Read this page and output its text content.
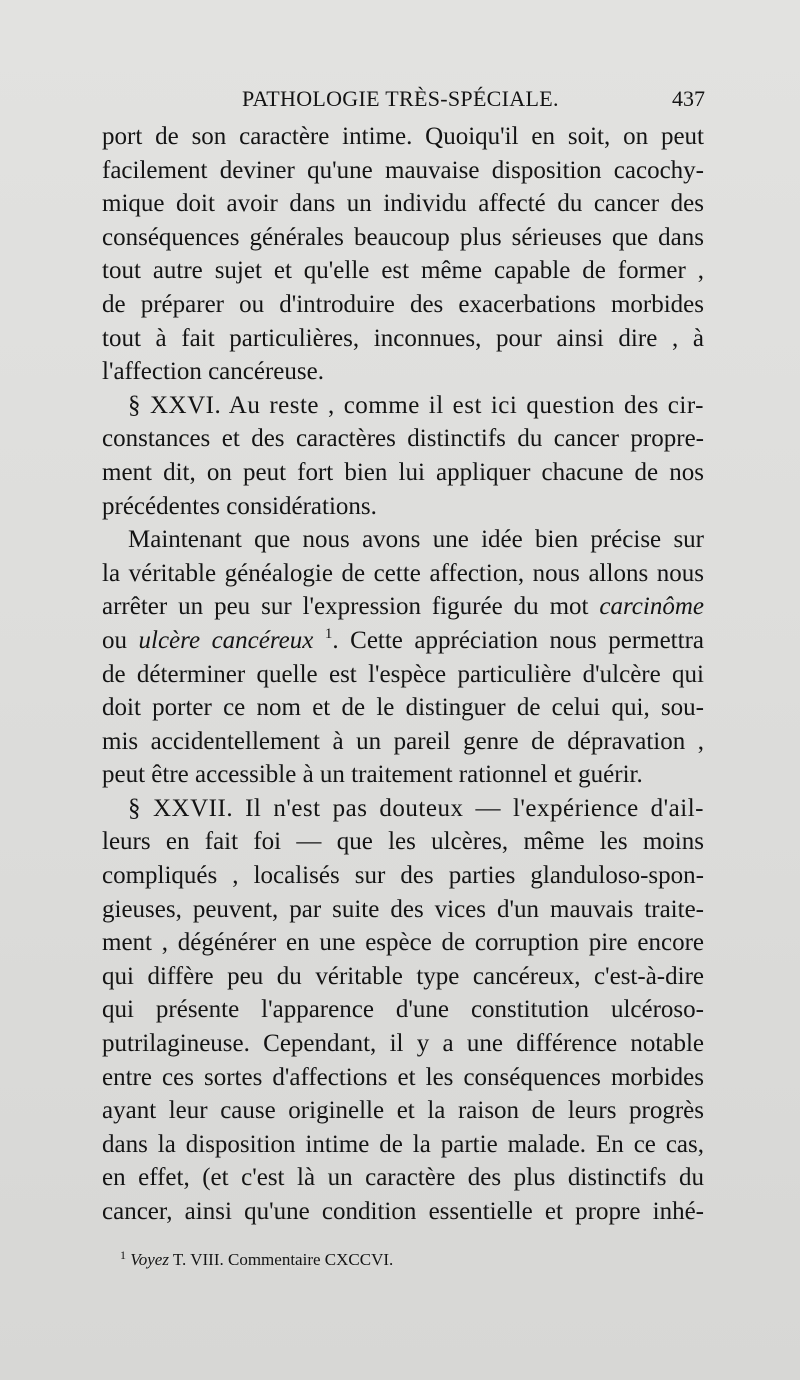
PATHOLOGIE TRÈS-SPÉCIALE.	437
port de son caractère intime. Quoiqu'il en soit, on peut
facilement deviner qu'une mauvaise disposition cacochy-
mique doit avoir dans un individu affecté du cancer des
conséquences générales beaucoup plus sérieuses que dans
tout autre sujet et qu'elle est même capable de former ,
de préparer ou d'introduire des exacerbations morbides
tout à fait particulières, inconnues, pour ainsi dire , à
l'affection cancéreuse.
§ XXVI. Au reste , comme il est ici question des cir-
constances et des caractères distinctifs du cancer propre-
ment dit, on peut fort bien lui appliquer chacune de nos
précédentes considérations.
Maintenant que nous avons une idée bien précise sur
la véritable généalogie de cette affection, nous allons nous
arrêter un peu sur l'expression figurée du mot carcinôme
ou ulcère cancéreux $^1$. Cette appréciation nous permettra
de déterminer quelle est l'espèce particulière d'ulcère qui
doit porter ce nom et de le distinguer de celui qui, sou-
mis accidentellement à un pareil genre de dépravation ,
peut être accessible à un traitement rationnel et guérir.
§ XXVII. Il n'est pas douteux — l'expérience d'ail-
leurs en fait foi — que les ulcères, même les moins
compliqués , localisés sur des parties glanduloso-spon-
gieuses, peuvent, par suite des vices d'un mauvais traite-
ment , dégénérer en une espèce de corruption pire encore
qui diffère peu du véritable type cancéreux, c'est-à-dire
qui présente l'apparence d'une constitution ulcéroso-
putrilagineuse. Cependant, il y a une différence notable
entre ces sortes d'affections et les conséquences morbides
ayant leur cause originelle et la raison de leurs progrès
dans la disposition intime de la partie malade. En ce cas,
en effet, (et c'est là un caractère des plus distinctifs du
cancer, ainsi qu'une condition essentielle et propre inhé-
$^1$ Voyez T. VIII. Commentaire CXCCVI.
